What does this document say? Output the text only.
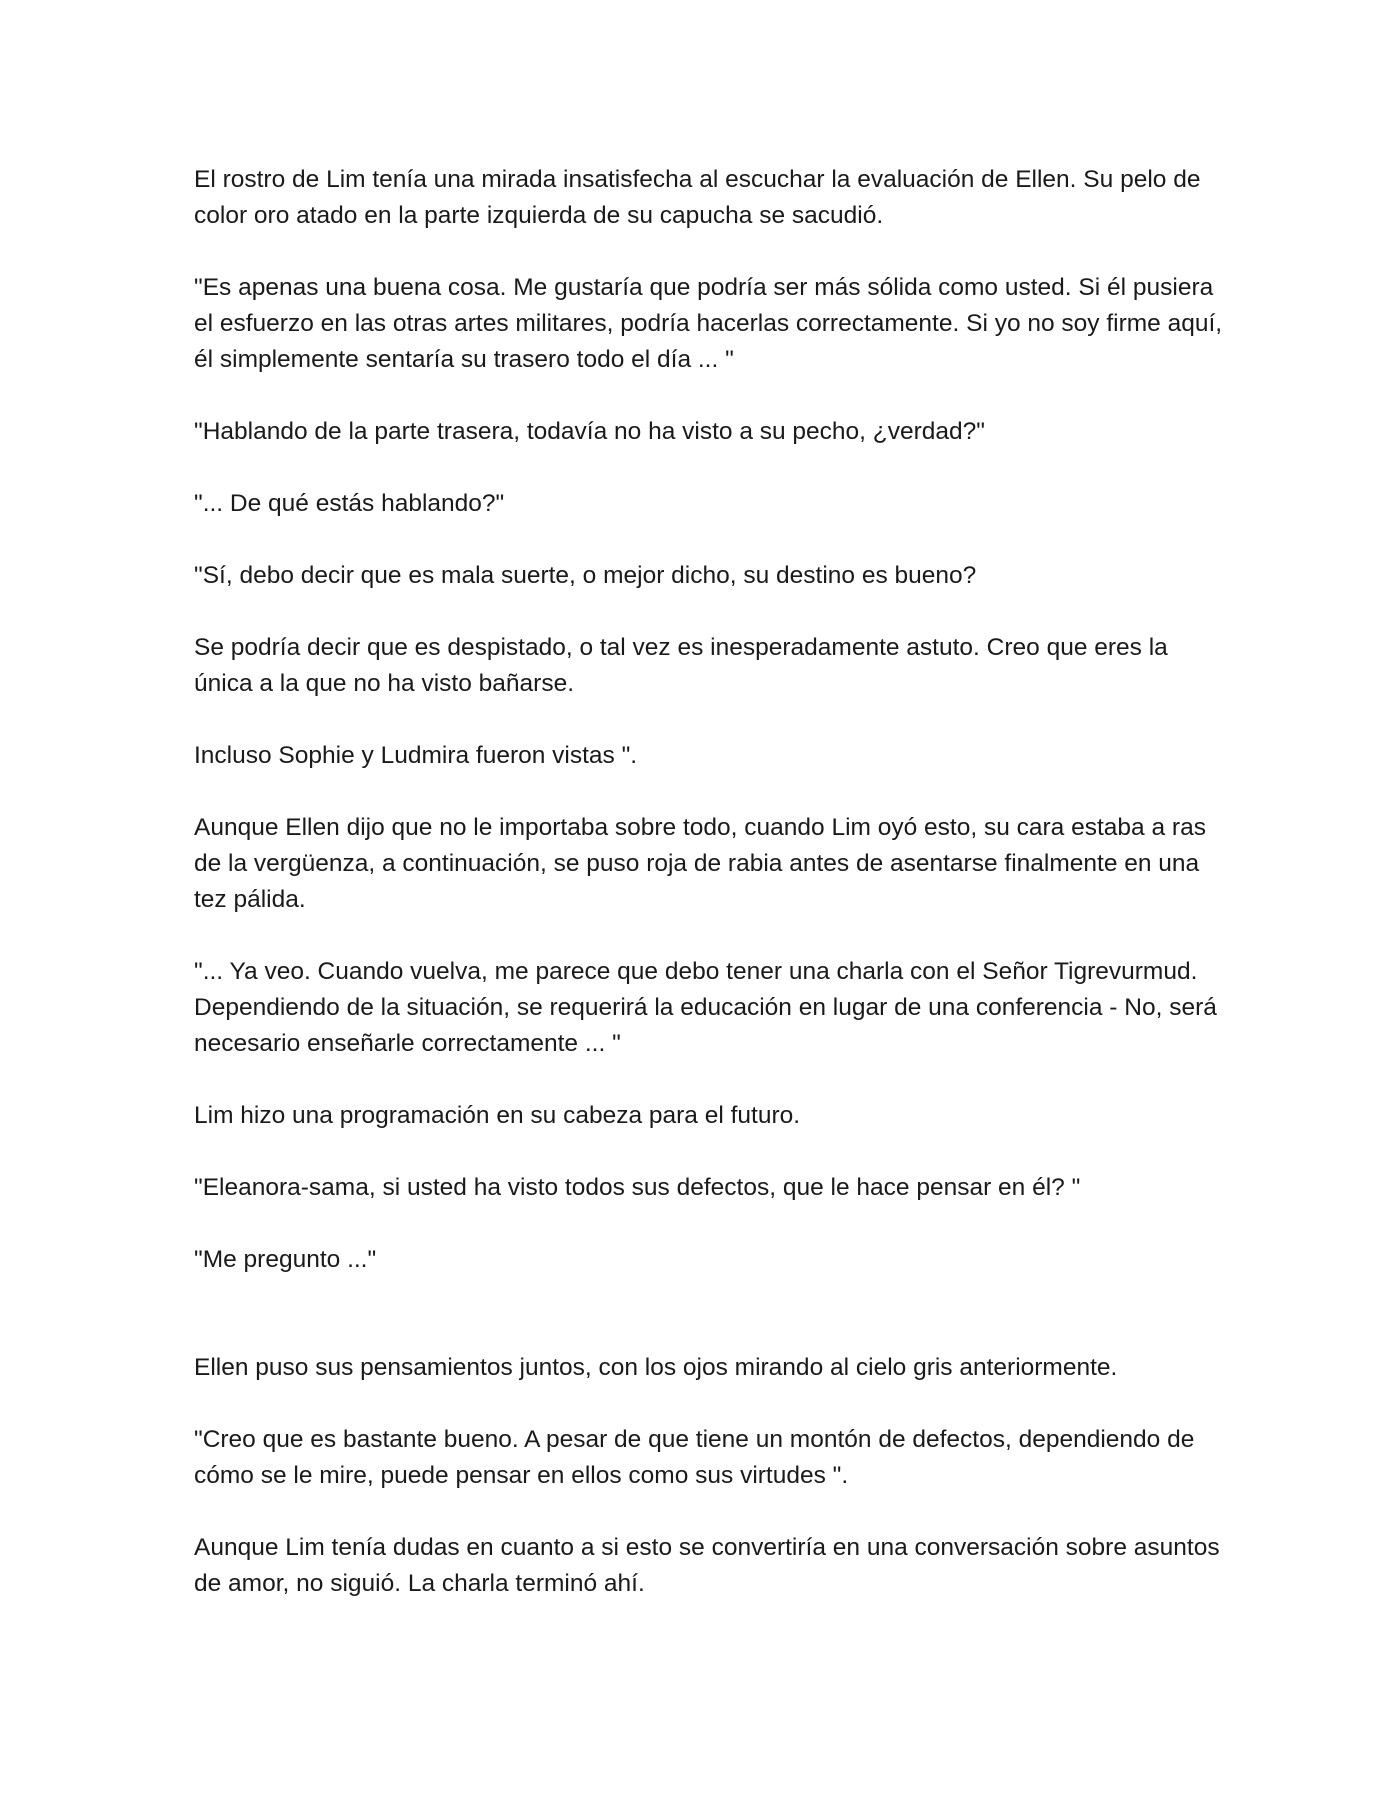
El rostro de Lim tenía una mirada insatisfecha al escuchar la evaluación de Ellen. Su pelo de color oro atado en la parte izquierda de su capucha se sacudió.

"Es apenas una buena cosa. Me gustaría que podría ser más sólida como usted. Si él pusiera el esfuerzo en las otras artes militares, podría hacerlas correctamente. Si yo no soy firme aquí, él simplemente sentaría su trasero todo el día ... "

"Hablando de la parte trasera, todavía no ha visto a su pecho, ¿verdad?"

"... De qué estás hablando?"

"Sí, debo decir que es mala suerte, o mejor dicho, su destino es bueno?

Se podría decir que es despistado, o tal vez es inesperadamente astuto. Creo que eres la única a la que no ha visto bañarse.

Incluso Sophie y Ludmira fueron vistas ".

Aunque Ellen dijo que no le importaba sobre todo, cuando Lim oyó esto, su cara estaba a ras de la vergüenza, a continuación, se puso roja de rabia antes de asentarse finalmente en una tez pálida.

"... Ya veo. Cuando vuelva, me parece que debo tener una charla con el Señor Tigrevurmud. Dependiendo de la situación, se requerirá la educación en lugar de una conferencia - No, será necesario enseñarle correctamente ... "

Lim hizo una programación en su cabeza para el futuro.

"Eleanora-sama, si usted ha visto todos sus defectos, que le hace pensar en él? "

"Me pregunto ..."

Ellen puso sus pensamientos juntos, con los ojos mirando al cielo gris anteriormente.

"Creo que es bastante bueno. A pesar de que tiene un montón de defectos, dependiendo de cómo se le mire, puede pensar en ellos como sus virtudes ".

Aunque Lim tenía dudas en cuanto a si esto se convertiría en una conversación sobre asuntos de amor, no siguió. La charla terminó ahí.
